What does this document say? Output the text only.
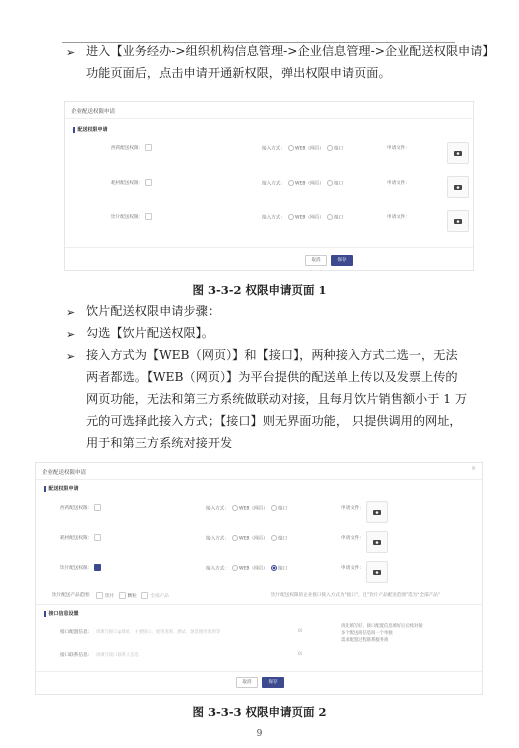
➢ 进入【业务经办->组织机构信息管理->企业信息管理->企业配送权限申请】
功能页面后，点击申请开通新权限，弹出权限申请页面。
企业配送权限申请
配送权限申请
西药配送权限：	接入方式： WEB（网页） 接口	申请文件：
耗材配送权限：	接入方式： WEB（网页） 接口	申请文件：
饮片配送权限：	接入方式： WEB（网页） 接口	申请文件：
取消	保存
图 3-3-2 权限申请页面 1
➢ 饮片配送权限申请步骤：
➢ 勾选【饮片配送权限】。
➢ 接入方式为【WEB（网页）】和【接口】，两种接入方式二选一，无法
两者都选。【WEB（网页）】为平台提供的配送单上传以及发票上传的
网页功能，无法和第三方系统做联动对接，且每月饮片销售额小于 1 万
元的可选择此接入方式；【接口】则无界面功能， 只提供调用的网址，
用于和第三方系统对接开发
企业配送权限申请
×
配送权限申请
西药配送权限：	接入方式： WEB（网页） 接口	申请文件：
耗材配送权限：	接入方式： WEB（网页） 接口	申请文件：
饮片配送权限：	接入方式： WEB（网页） 接口	申请文件：
饮片配送产品范围：	饮片	颗粒	全部产品	饮片配送权限的企业接口接入方式为"接口"，且"饮片产品配送范围"选为"全部产品"
接口信息设置
接口配置信息： 请填写接口ip地址、主要接口、使用说明、测试、场景使用说明等	0/
请先填写好，接口配置信息填好后后续对接
多个配送商信息间一个单独
需求配置过程联系服务商
接口联系信息： 请填写接口联系人信息	0/
取消	保存
图 3-3-3 权限申请页面 2
9
